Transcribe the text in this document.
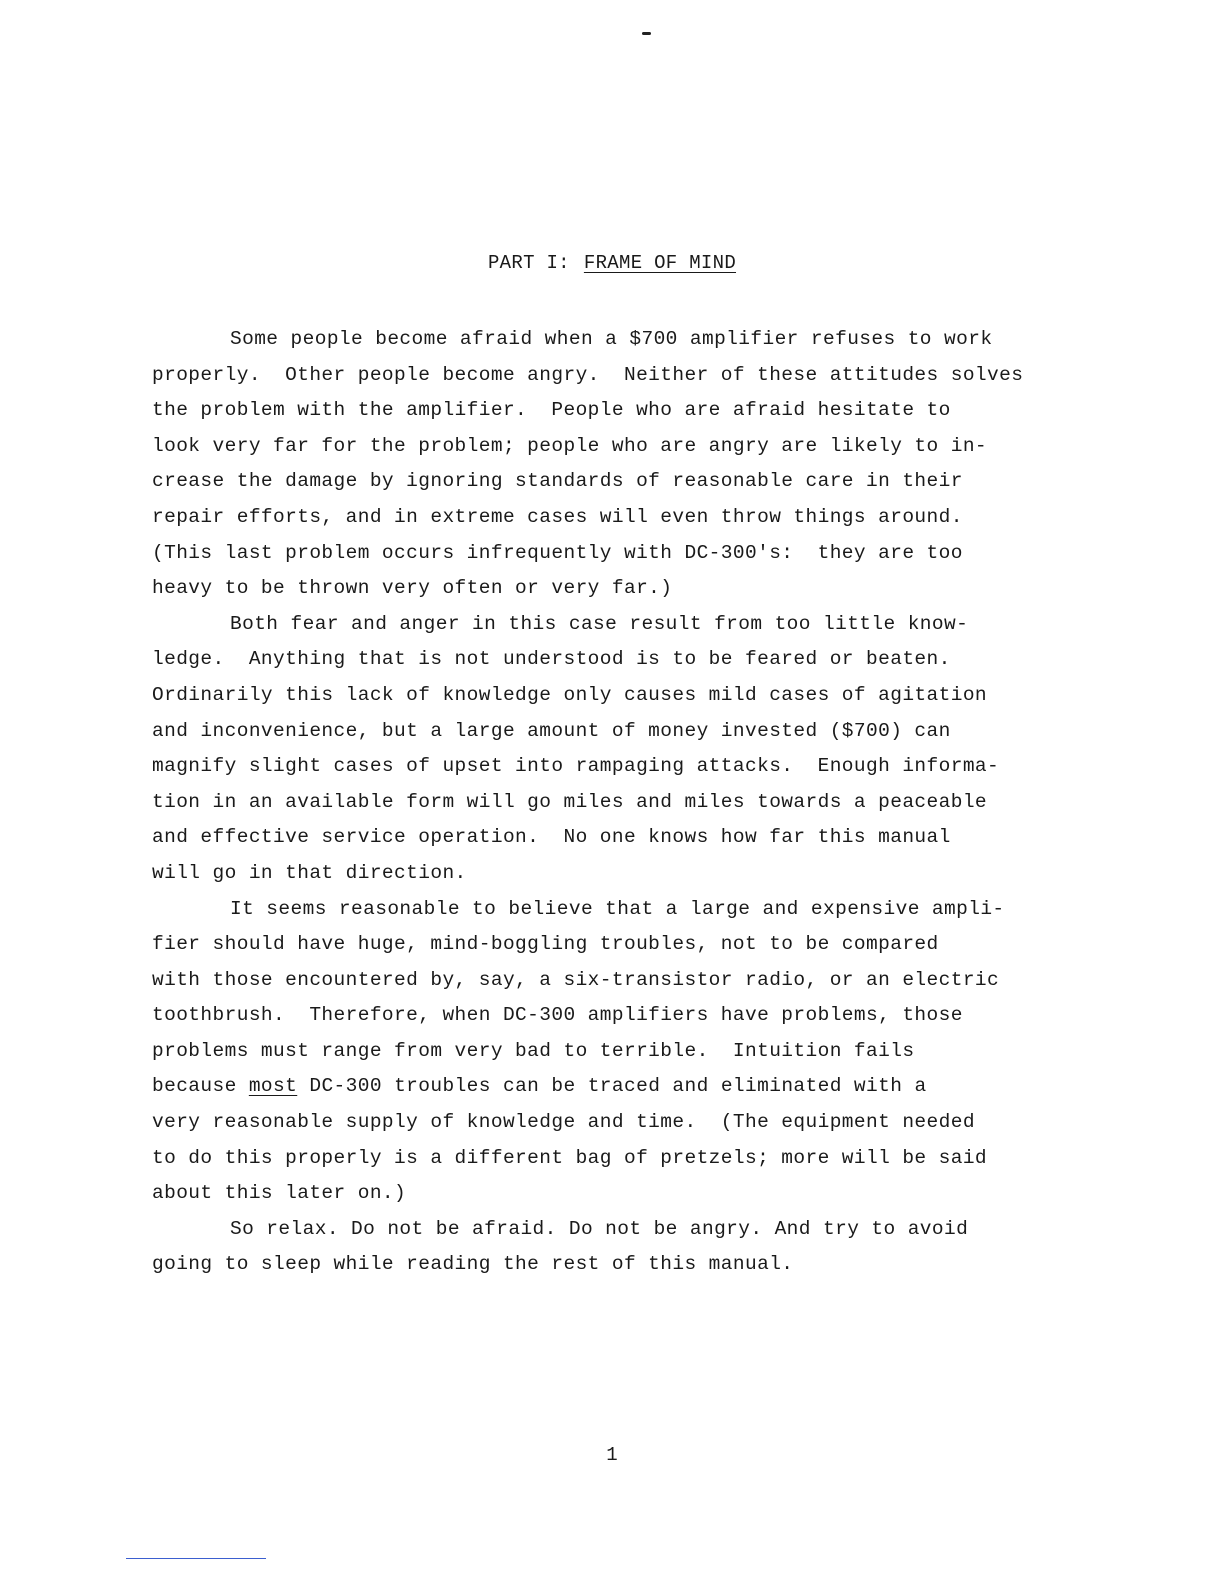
PART I: FRAME OF MIND
Some people become afraid when a $700 amplifier refuses to work
properly.  Other people become angry.  Neither of these attitudes solves
the problem with the amplifier.  People who are afraid hesitate to
look very far for the problem; people who are angry are likely to in-
crease the damage by ignoring standards of reasonable care in their
repair efforts, and in extreme cases will even throw things around.
(This last problem occurs infrequently with DC-300's:  they are too
heavy to be thrown very often or very far.)
Both fear and anger in this case result from too little know-
ledge.  Anything that is not understood is to be feared or beaten.
Ordinarily this lack of knowledge only causes mild cases of agitation
and inconvenience, but a large amount of money invested ($700) can
magnify slight cases of upset into rampaging attacks.  Enough informa-
tion in an available form will go miles and miles towards a peaceable
and effective service operation.  No one knows how far this manual
will go in that direction.
It seems reasonable to believe that a large and expensive ampli-
fier should have huge, mind-boggling troubles, not to be compared
with those encountered by, say, a six-transistor radio, or an electric
toothbrush.  Therefore, when DC-300 amplifiers have problems, those
problems must range from very bad to terrible.  Intuition fails
because most DC-300 troubles can be traced and eliminated with a
very reasonable supply of knowledge and time.  (The equipment needed
to do this properly is a different bag of pretzels; more will be said
about this later on.)
So relax. Do not be afraid. Do not be angry. And try to avoid
going to sleep while reading the rest of this manual.
1
